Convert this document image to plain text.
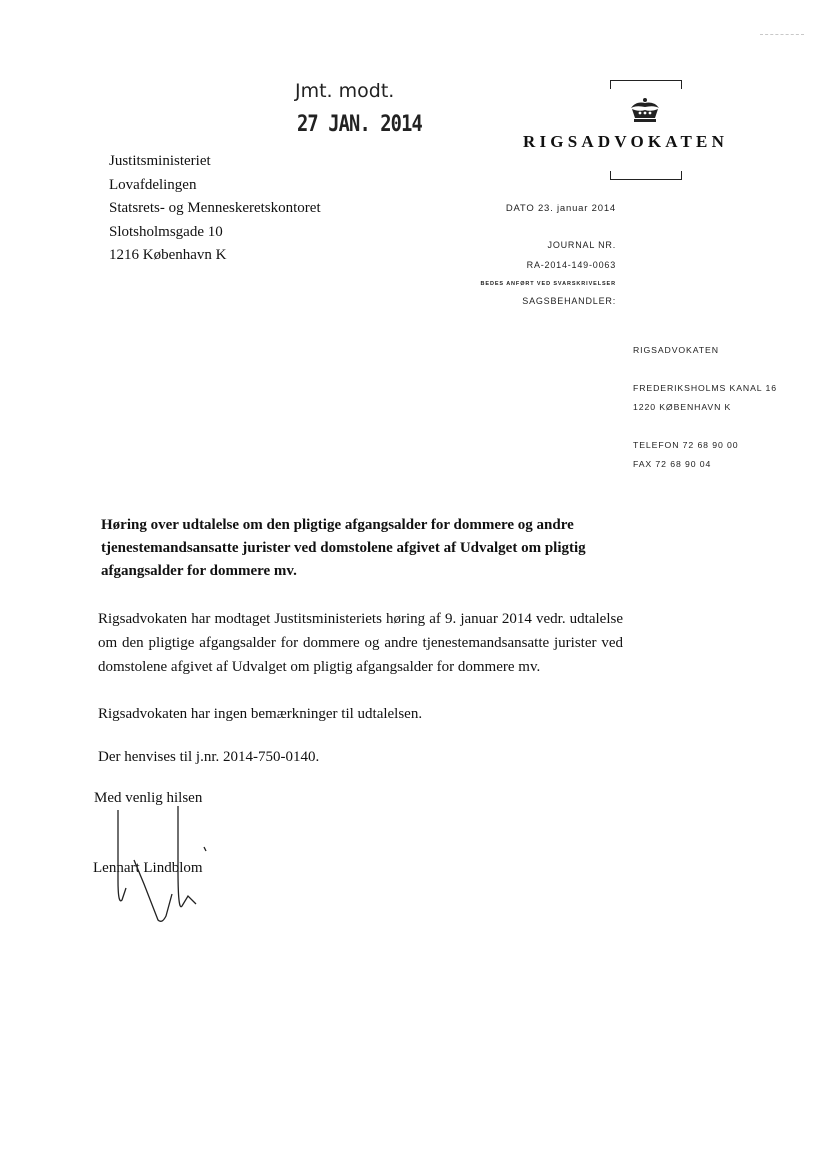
Jmt. modt.
27 JAN. 2014
RIGSADVOKATEN
Justitsministeriet
Lovafdelingen
Statsrets- og Menneskeretskontoret
Slotsholmsgade 10
1216 København K
DATO 23. januar 2014
JOURNAL NR.
RA-2014-149-0063
BEDES ANFØRT VED SVARSKRIVELSER
SAGSBEHANDLER:
RIGSADVOKATEN
FREDERIKSHOLMS KANAL 16
1220 KØBENHAVN K
TELEFON 72 68 90 00
FAX 72 68 90 04
Høring over udtalelse om den pligtige afgangsalder for dommere og andre tjenestemandsansatte jurister ved domstolene afgivet af Udvalget om pligtig afgangsalder for dommere mv.
Rigsadvokaten har modtaget Justitsministeriets høring af 9. januar 2014 vedr. udtalelse om den pligtige afgangsalder for dommere og andre tjenestemandsansatte jurister ved domstolene afgivet af Udvalget om pligtig afgangsalder for dommere mv.
Rigsadvokaten har ingen bemærkninger til udtalelsen.
Der henvises til j.nr. 2014-750-0140.
Med venlig hilsen
Lennart Lindblom
